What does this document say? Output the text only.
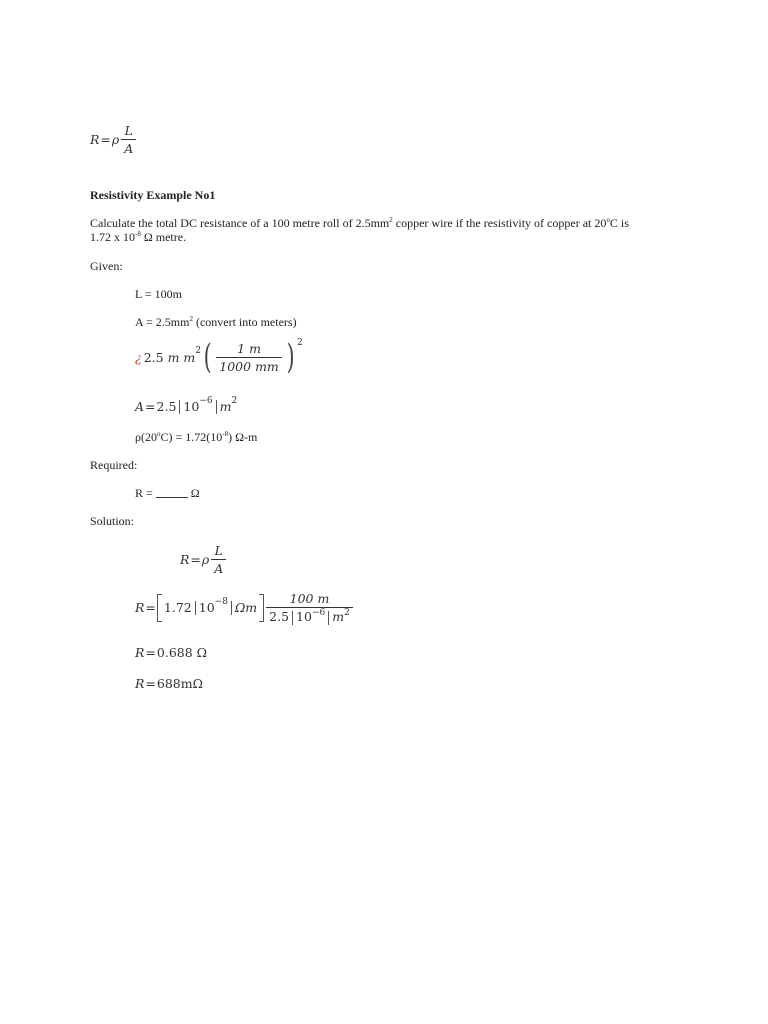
R = ρ $\frac{L}{A}$
Resistivity Example No1
Calculate the total DC resistance of a 100 metre roll of $2.5mm^2$ copper wire if the resistivity of copper at 20$^o$C is
1.72 x $10^{-8}$ Ω metre.
Given:
L = 100m
$A = 2.5mm^2$ (convert into meters)
¿ 2.5 m m 2 ( $\frac{1 m}{1000 mm}$ ) 2
A = 2.5 10 −6 m 2
$\rho(20^oC) = 1.72(10^{-8})$ Ω-m
Required:
R =	Ω
Solution:
R = ρ $\frac{L}{A}$
R = 1.72 10 −8 Ωm $\frac{100 m}{2.5 10^{-6} m^2}$
R = 0.688 Ω
R = 688mΩ
